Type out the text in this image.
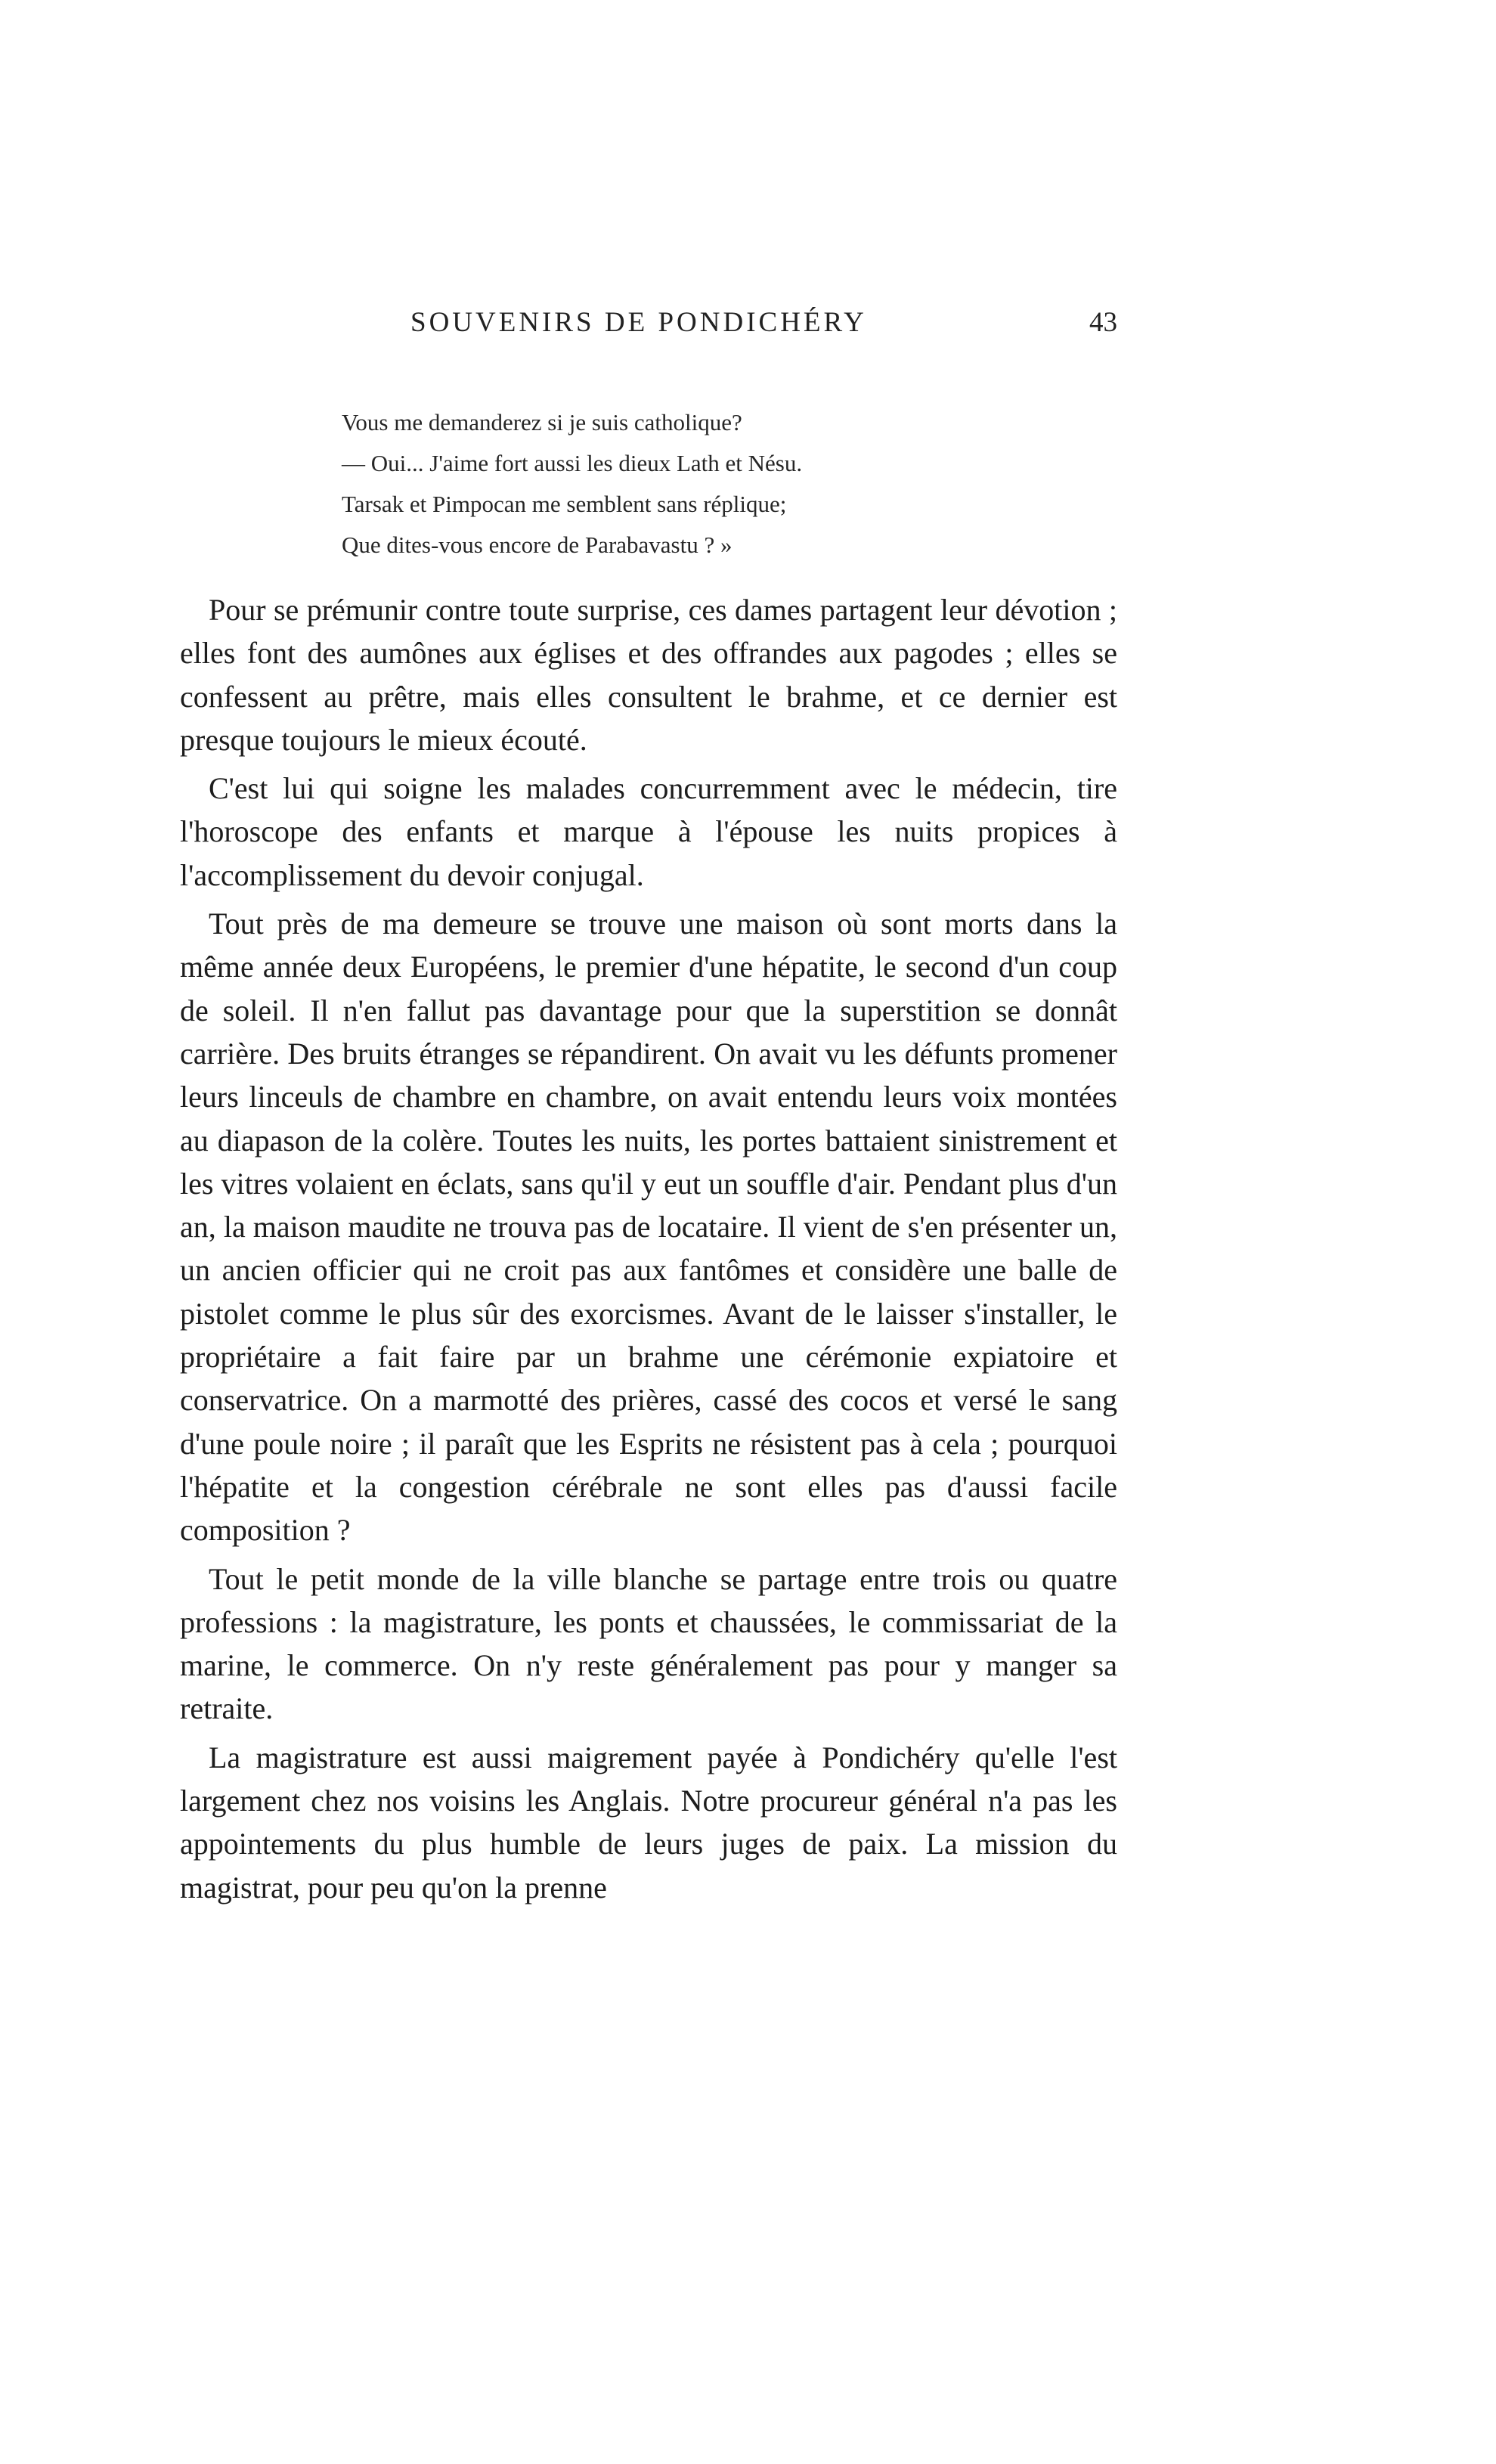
SOUVENIRS DE PONDICHÉRY	43
Vous me demanderez si je suis catholique?
— Oui... J'aime fort aussi les dieux Lath et Nésu.
Tarsak et Pimpocan me semblent sans réplique;
Que dites-vous encore de Parabavastu ? »

Pour se prémunir contre toute surprise, ces dames partagent leur dévotion ; elles font des aumônes aux églises et des offrandes aux pagodes ; elles se confessent au prêtre, mais elles consultent le brahme, et ce dernier est presque toujours le mieux écouté.

C'est lui qui soigne les malades concurremment avec le médecin, tire l'horoscope des enfants et marque à l'épouse les nuits propices à l'accomplissement du devoir conjugal.

Tout près de ma demeure se trouve une maison où sont morts dans la même année deux Européens, le premier d'une hépatite, le second d'un coup de soleil. Il n'en fallut pas davantage pour que la superstition se donnât carrière. Des bruits étranges se répandirent. On avait vu les défunts promener leurs linceuls de chambre en chambre, on avait entendu leurs voix montées au diapason de la colère. Toutes les nuits, les portes battaient sinistrement et les vitres volaient en éclats, sans qu'il y eut un souffle d'air. Pendant plus d'un an, la maison maudite ne trouva pas de locataire. Il vient de s'en présenter un, un ancien officier qui ne croit pas aux fantômes et considère une balle de pistolet comme le plus sûr des exorcismes. Avant de le laisser s'installer, le propriétaire a fait faire par un brahme une cérémonie expiatoire et conservatrice. On a marmotté des prières, cassé des cocos et versé le sang d'une poule noire ; il paraît que les Esprits ne résistent pas à cela ; pourquoi l'hépatite et la congestion cérébrale ne sont elles pas d'aussi facile composition ?

Tout le petit monde de la ville blanche se partage entre trois ou quatre professions : la magistrature, les ponts et chaussées, le commissariat de la marine, le commerce. On n'y reste généralement pas pour y manger sa retraite.

La magistrature est aussi maigrement payée à Pondichéry qu'elle l'est largement chez nos voisins les Anglais. Notre procureur général n'a pas les appointements du plus humble de leurs juges de paix. La mission du magistrat, pour peu qu'on la prenne
